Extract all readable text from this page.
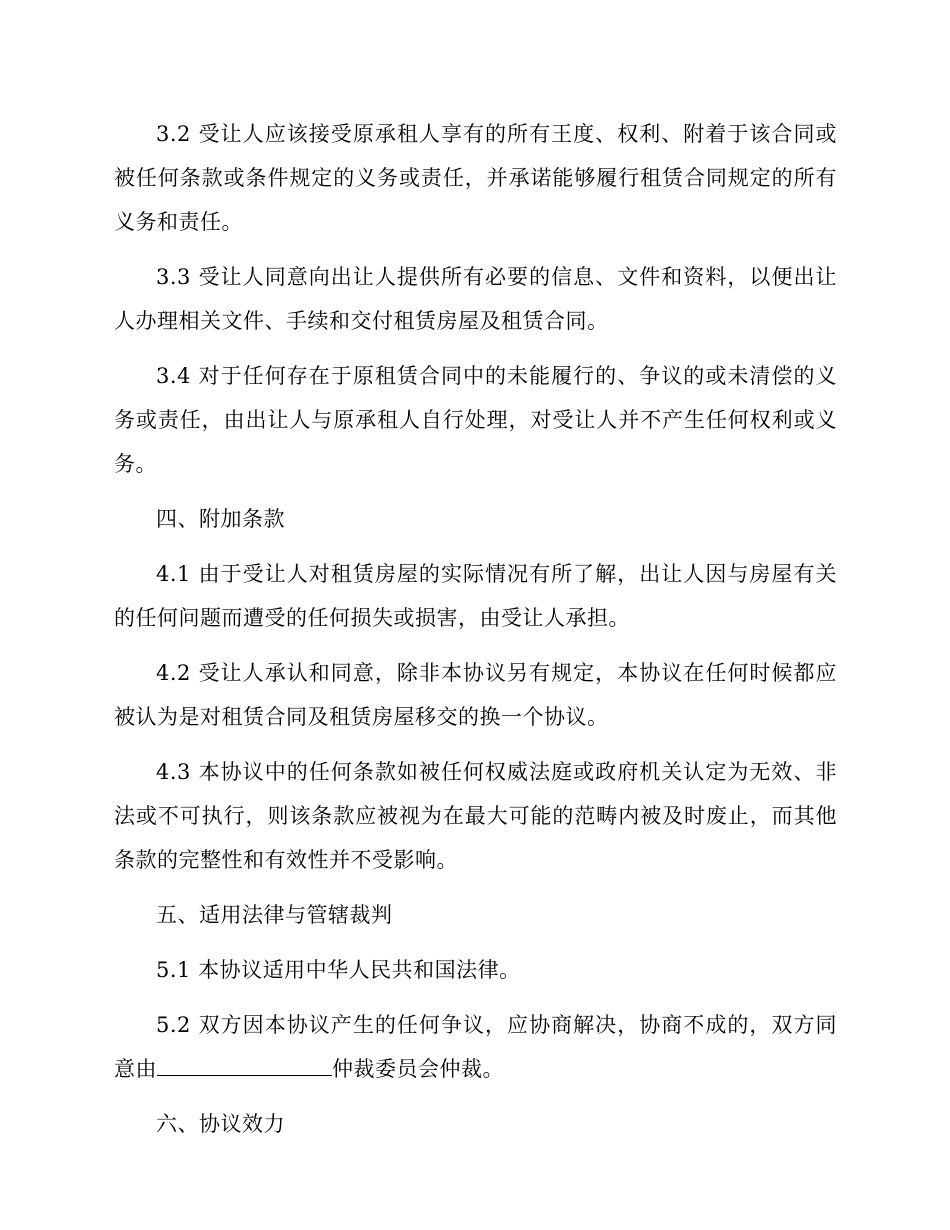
3.2 受让人应该接受原承租人享有的所有王度、权利、附着于该合同或被任何条款或条件规定的义务或责任，并承诺能够履行租赁合同规定的所有义务和责任。

3.3 受让人同意向出让人提供所有必要的信息、文件和资料，以便出让人办理相关文件、手续和交付租赁房屋及租赁合同。

3.4 对于任何存在于原租赁合同中的未能履行的、争议的或未清偿的义务或责任，由出让人与原承租人自行处理，对受让人并不产生任何权利或义务。

四、附加条款

4.1 由于受让人对租赁房屋的实际情况有所了解，出让人因与房屋有关的任何问题而遭受的任何损失或损害，由受让人承担。

4.2 受让人承认和同意，除非本协议另有规定，本协议在任何时候都应被认为是对租赁合同及租赁房屋移交的换一个协议。

4.3 本协议中的任何条款如被任何权威法庭或政府机关认定为无效、非法或不可执行，则该条款应被视为在最大可能的范畴内被及时废止，而其他条款的完整性和有效性并不受影响。

五、适用法律与管辖裁判

5.1 本协议适用中华人民共和国法律。

5.2 双方因本协议产生的任何争议，应协商解决，协商不成的，双方同意由	仲裁委员会仲裁。

六、协议效力
